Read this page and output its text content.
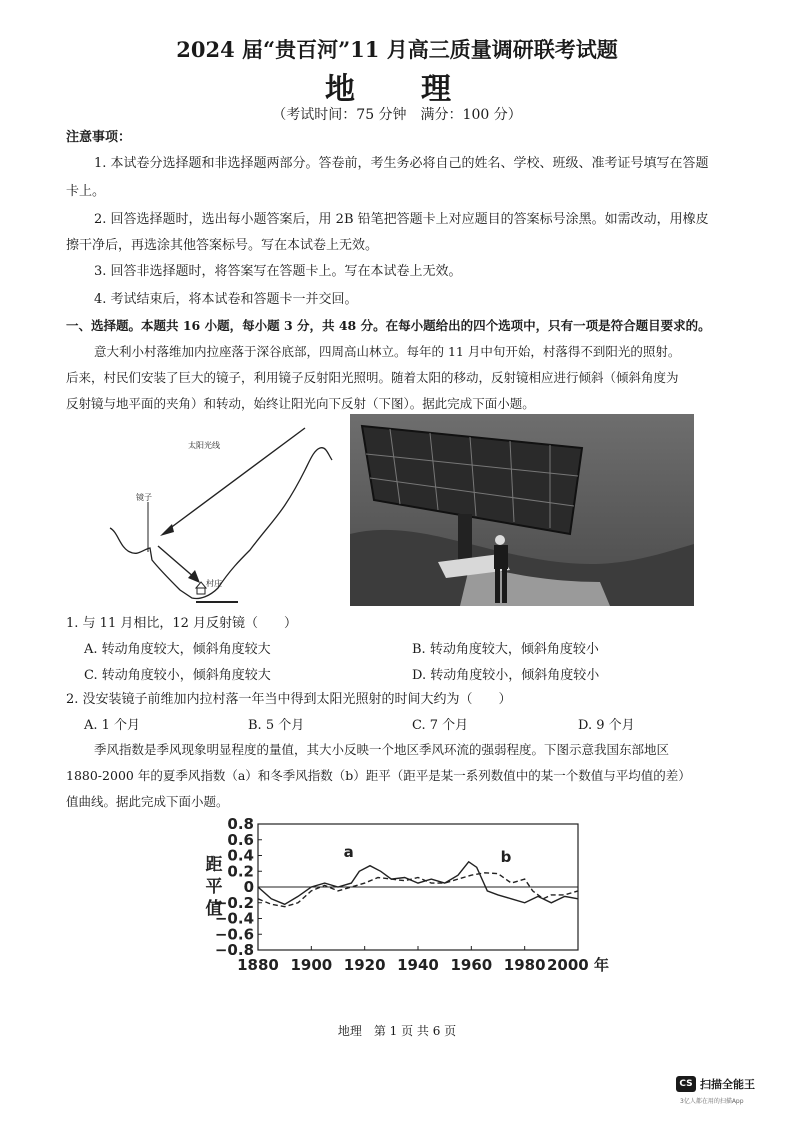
2024 届“贵百河”11 月高三质量调研联考试题
地　理
（考试时间：75 分钟　满分：100 分）
注意事项：
1. 本试卷分选择题和非选择题两部分。答卷前，考生务必将自己的姓名、学校、班级、准考证号填写在答题
卡上。
2. 回答选择题时，选出每小题答案后，用 2B 铅笔把答题卡上对应题目的答案标号涂黑。如需改动，用橡皮
擦干净后，再选涂其他答案标号。写在本试卷上无效。
3. 回答非选择题时，将答案写在答题卡上。写在本试卷上无效。
4. 考试结束后，将本试卷和答题卡一并交回。
一、选择题。本题共 16 小题，每小题 3 分，共 48 分。在每小题给出的四个选项中，只有一项是符合题目要求的。
意大利小村落维加内拉座落于深谷底部，四周高山林立。每年的 11 月中旬开始，村落得不到阳光的照射。
后来，村民们安装了巨大的镜子，利用镜子反射阳光照明。随着太阳的移动，反射镜相应进行倾斜（倾斜角度为
反射镜与地平面的夹角）和转动，始终让阳光向下反射（下图）。据此完成下面小题。
太阳光线
镜子
村庄
1. 与 11 月相比，12 月反射镜（　　）
A. 转动角度较大，倾斜角度较大	B. 转动角度较大，倾斜角度较小
C. 转动角度较小，倾斜角度较大	D. 转动角度较小，倾斜角度较小
2. 没安装镜子前维加内拉村落一年当中得到太阳光照射的时间大约为（　　）
A. 1 个月	B. 5 个月	C. 7 个月	D. 9 个月
季风指数是季风现象明显程度的量值，其大小反映一个地区季风环流的强弱程度。下图示意我国东部地区
1880-2000 年的夏季风指数（a）和冬季风指数（b）距平（距平是某一系列数值中的某一个数值与平均值的差）
值曲线。据此完成下面小题。
0.8
0.6
0.4
0.2
0
−0.2
−0.4
−0.6
−0.8
1880 1900 1920 1940 1960 1980 2000 年
距
平
值
a	b
地理　第 1 页 共 6 页
CS 扫描全能王
3亿人都在用的扫描App
